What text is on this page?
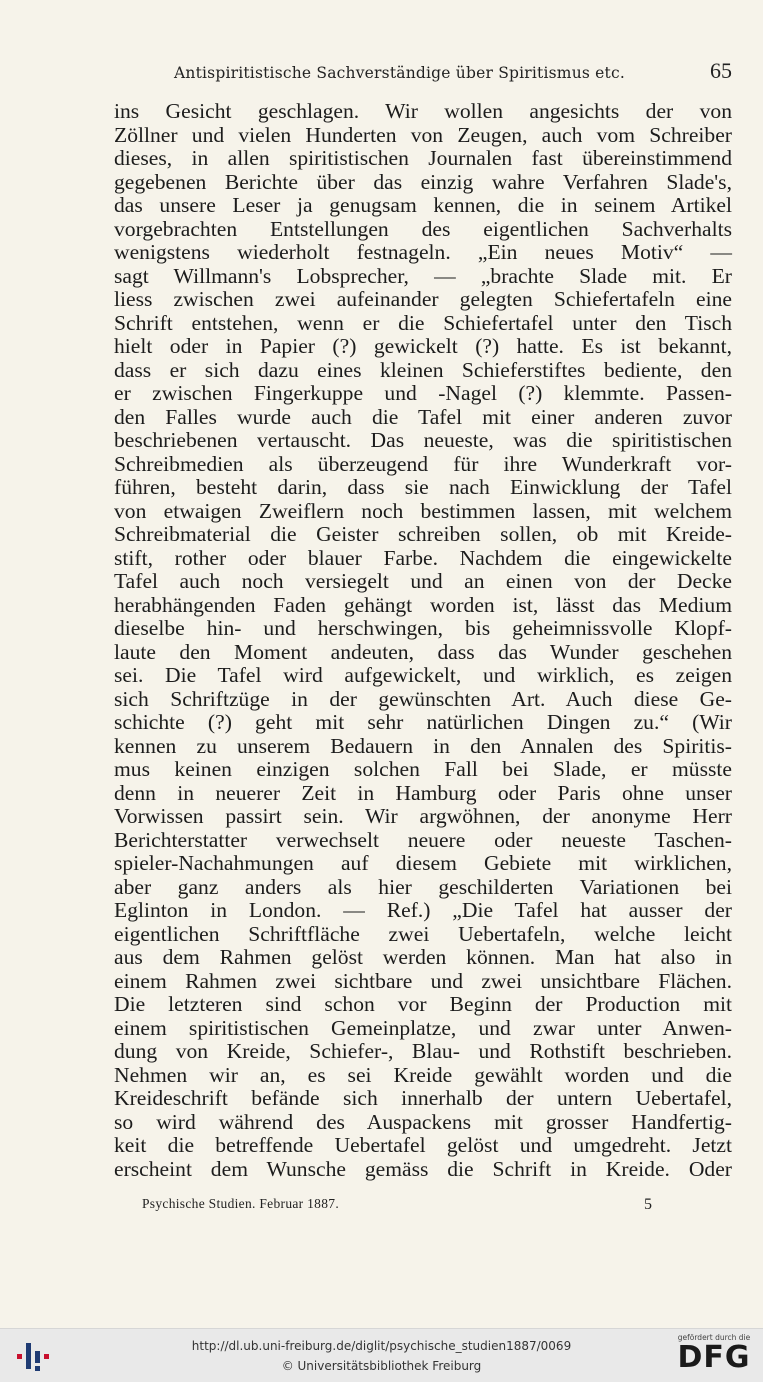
Antispiritistische Sachverständige über Spiritismus etc.	65
ins Gesicht geschlagen. Wir wollen angesichts der von
Zöllner und vielen Hunderten von Zeugen, auch vom Schreiber
dieses, in allen spiritistischen Journalen fast übereinstimmend
gegebenen Berichte über das einzig wahre Verfahren Slade's,
das unsere Leser ja genugsam kennen, die in seinem Artikel
vorgebrachten Entstellungen des eigentlichen Sachverhalts
wenigstens wiederholt festnageln. „Ein neues Motiv“ —
sagt Willmann's Lobsprecher, — „brachte Slade mit. Er
liess zwischen zwei aufeinander gelegten Schiefertafeln eine
Schrift entstehen, wenn er die Schiefertafel unter den Tisch
hielt oder in Papier (?) gewickelt (?) hatte. Es ist bekannt,
dass er sich dazu eines kleinen Schieferstiftes bediente, den
er zwischen Fingerkuppe und -Nagel (?) klemmte. Passen-
den Falles wurde auch die Tafel mit einer anderen zuvor
beschriebenen vertauscht. Das neueste, was die spiritistischen
Schreibmedien als überzeugend für ihre Wunderkraft vor-
führen, besteht darin, dass sie nach Einwicklung der Tafel
von etwaigen Zweiflern noch bestimmen lassen, mit welchem
Schreibmaterial die Geister schreiben sollen, ob mit Kreide-
stift, rother oder blauer Farbe. Nachdem die eingewickelte
Tafel auch noch versiegelt und an einen von der Decke
herabhängenden Faden gehängt worden ist, lässt das Medium
dieselbe hin- und herschwingen, bis geheimnissvolle Klopf-
laute den Moment andeuten, dass das Wunder geschehen
sei. Die Tafel wird aufgewickelt, und wirklich, es zeigen
sich Schriftzüge in der gewünschten Art. Auch diese Ge-
schichte (?) geht mit sehr natürlichen Dingen zu.“ (Wir
kennen zu unserem Bedauern in den Annalen des Spiritis-
mus keinen einzigen solchen Fall bei Slade, er müsste
denn in neuerer Zeit in Hamburg oder Paris ohne unser
Vorwissen passirt sein. Wir argwöhnen, der anonyme Herr
Berichterstatter verwechselt neuere oder neueste Taschen-
spieler-Nachahmungen auf diesem Gebiete mit wirklichen,
aber ganz anders als hier geschilderten Variationen bei
Eglinton in London. — Ref.) „Die Tafel hat ausser der
eigentlichen Schriftfläche zwei Uebertafeln, welche leicht
aus dem Rahmen gelöst werden können. Man hat also in
einem Rahmen zwei sichtbare und zwei unsichtbare Flächen.
Die letzteren sind schon vor Beginn der Production mit
einem spiritistischen Gemeinplatze, und zwar unter Anwen-
dung von Kreide, Schiefer-, Blau- und Rothstift beschrieben.
Nehmen wir an, es sei Kreide gewählt worden und die
Kreideschrift befände sich innerhalb der untern Uebertafel,
so wird während des Auspackens mit grosser Handfertig-
keit die betreffende Uebertafel gelöst und umgedreht. Jetzt
erscheint dem Wunsche gemäss die Schrift in Kreide. Oder
Psychische Studien. Februar 1887.	5
http://dl.ub.uni-freiburg.de/diglit/psychische_studien1887/0069
© Universitätsbibliothek Freiburg
gefördert durch die
DFG
